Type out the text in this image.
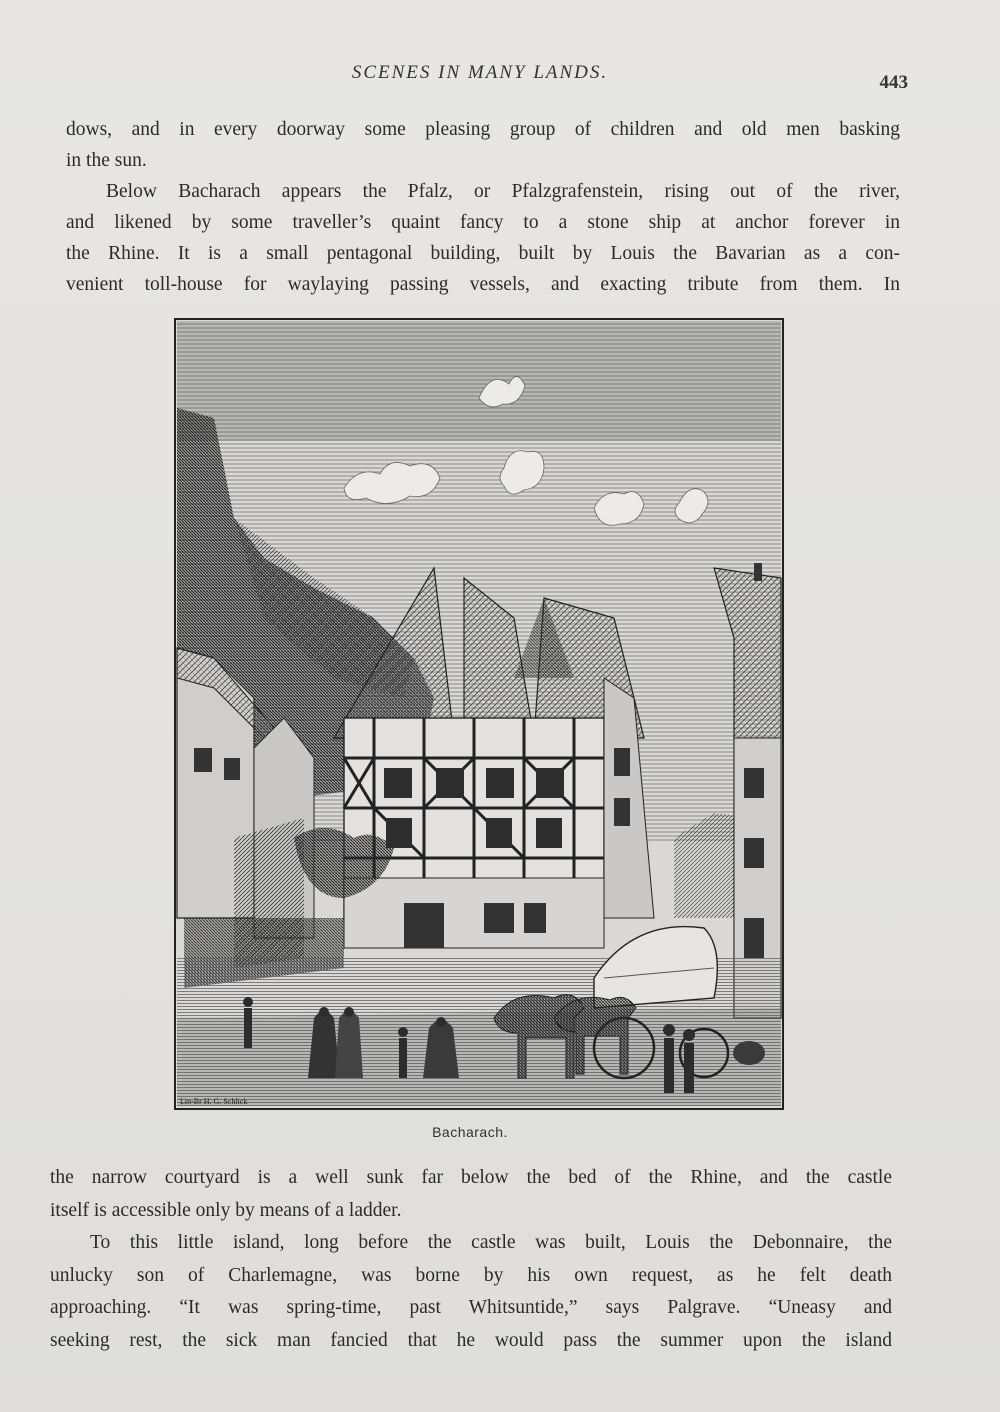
SCENES IN MANY LANDS.	443

dows, and in every doorway some pleasing group of children and old men basking
in the sun.

Below Bacharach appears the Pfalz, or Pfalzgrafenstein, rising out of the river,
and likened by some traveller’s quaint fancy to a stone ship at anchor forever in
the Rhine. It is a small pentagonal building, built by Louis the Bavarian as a con-
venient toll-house for waylaying passing vessels, and exacting tribute from them. In

Lin-Br H. G. Schlick
Bacharach.

the narrow courtyard is a well sunk far below the bed of the Rhine, and the castle
itself is accessible only by means of a ladder.

To this little island, long before the castle was built, Louis the Debonnaire, the
unlucky son of Charlemagne, was borne by his own request, as he felt death
approaching. “It was spring-time, past Whitsuntide,” says Palgrave. “Uneasy and
seeking rest, the sick man fancied that he would pass the summer upon the island
